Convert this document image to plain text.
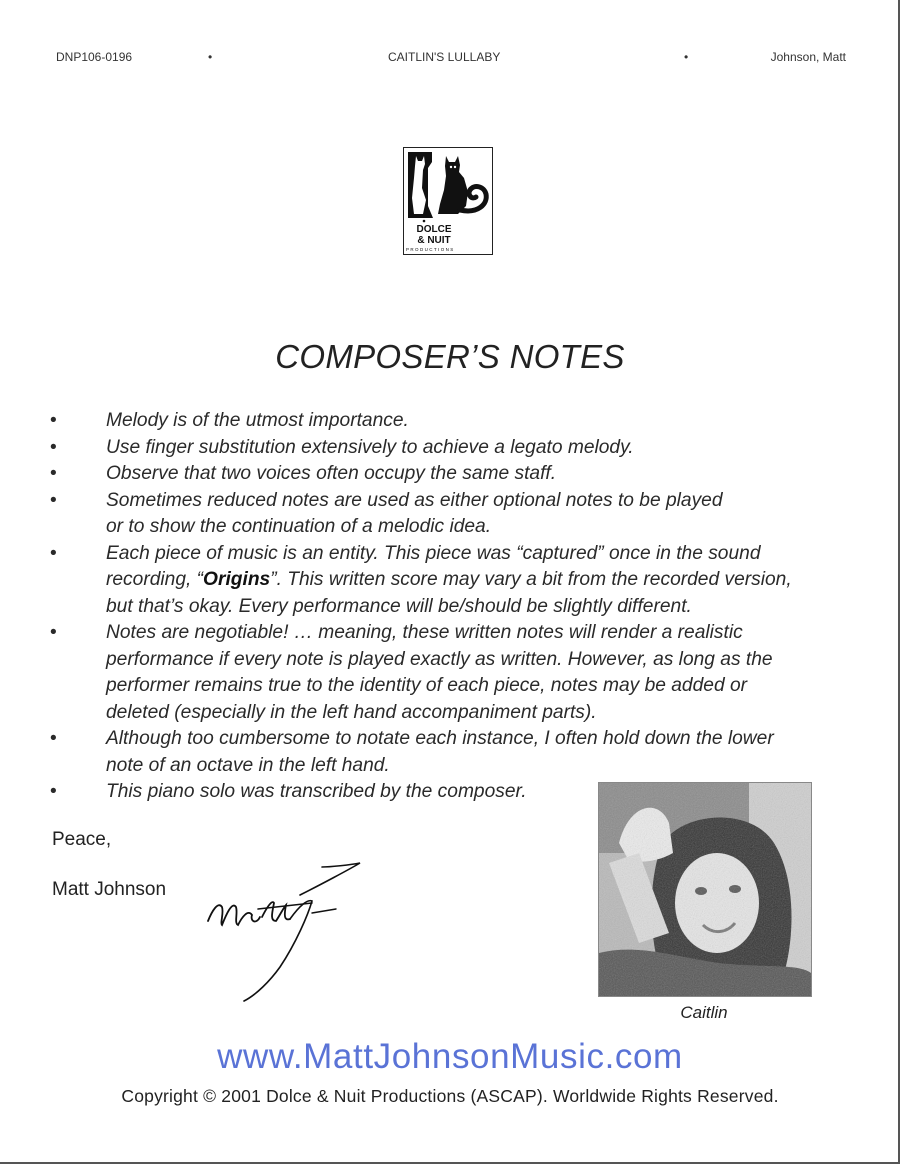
DNP106-0196	•	CAITLIN'S LULLABY	•	Johnson, Matt
DOLCE
& NUIT
PRODUCTIONS
COMPOSER’S NOTES
•	Melody is of the utmost importance.
•	Use finger substitution extensively to achieve a legato melody.
•	Observe that two voices often occupy the same staff.
•	Sometimes reduced notes are used as either optional notes to be played
or to show the continuation of a melodic idea.
•	Each piece of music is an entity. This piece was “captured” once in the sound
recording, “Origins”. This written score may vary a bit from the recorded version,
but that’s okay. Every performance will be/should be slightly different.
•	Notes are negotiable! … meaning, these written notes will render a realistic
performance if every note is played exactly as written. However, as long as the
performer remains true to the identity of each piece, notes may be added or
deleted (especially in the left hand accompaniment parts).
•	Although too cumbersome to notate each instance, I often hold down the lower
note of an octave in the left hand.
•	This piano solo was transcribed by the composer.
Peace,
Matt Johnson
Caitlin
www.MattJohnsonMusic.com
Copyright © 2001 Dolce & Nuit Productions (ASCAP). Worldwide Rights Reserved.
